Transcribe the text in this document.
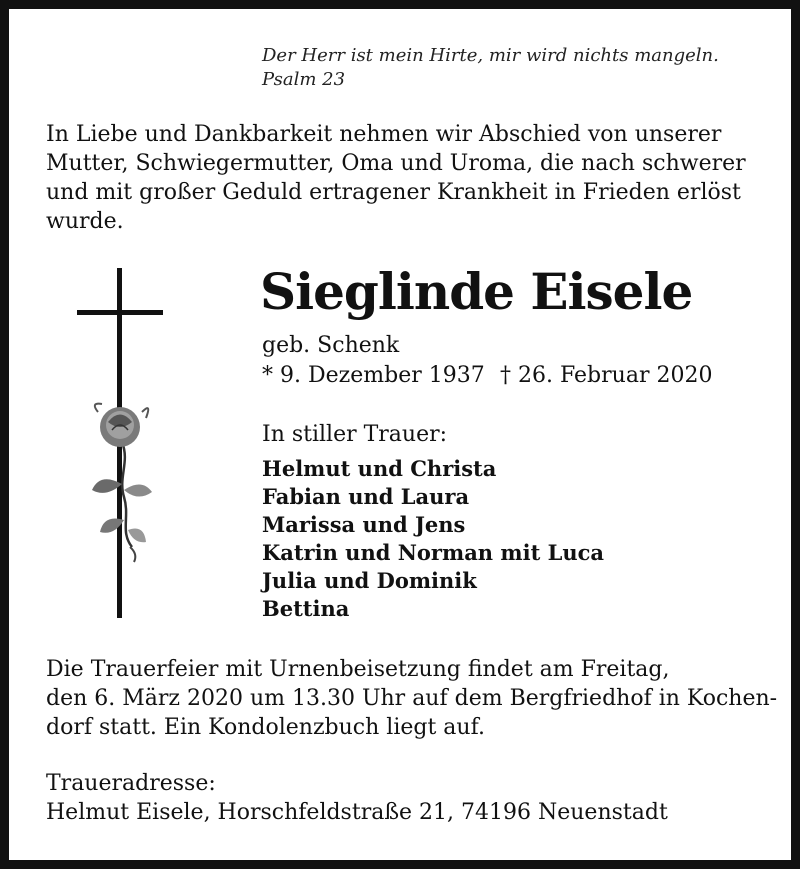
Der Herr ist mein Hirte, mir wird nichts mangeln.
Psalm 23
In Liebe und Dankbarkeit nehmen wir Abschied von unserer
Mutter, Schwiegermutter, Oma und Uroma, die nach schwerer
und mit großer Geduld ertragener Krankheit in Frieden erlöst
wurde.
Sieglinde Eisele
geb. Schenk
* 9. Dezember 1937 † 26. Februar 2020
In stiller Trauer:
Helmut und Christa
Fabian und Laura
Marissa und Jens
Katrin und Norman mit Luca
Julia und Dominik
Bettina
Die Trauerfeier mit Urnenbeisetzung findet am Freitag,
den 6. März 2020 um 13.30 Uhr auf dem Bergfriedhof in Kochen-
dorf statt. Ein Kondolenzbuch liegt auf.
Traueradresse:
Helmut Eisele, Horschfeldstraße 21, 74196 Neuenstadt
